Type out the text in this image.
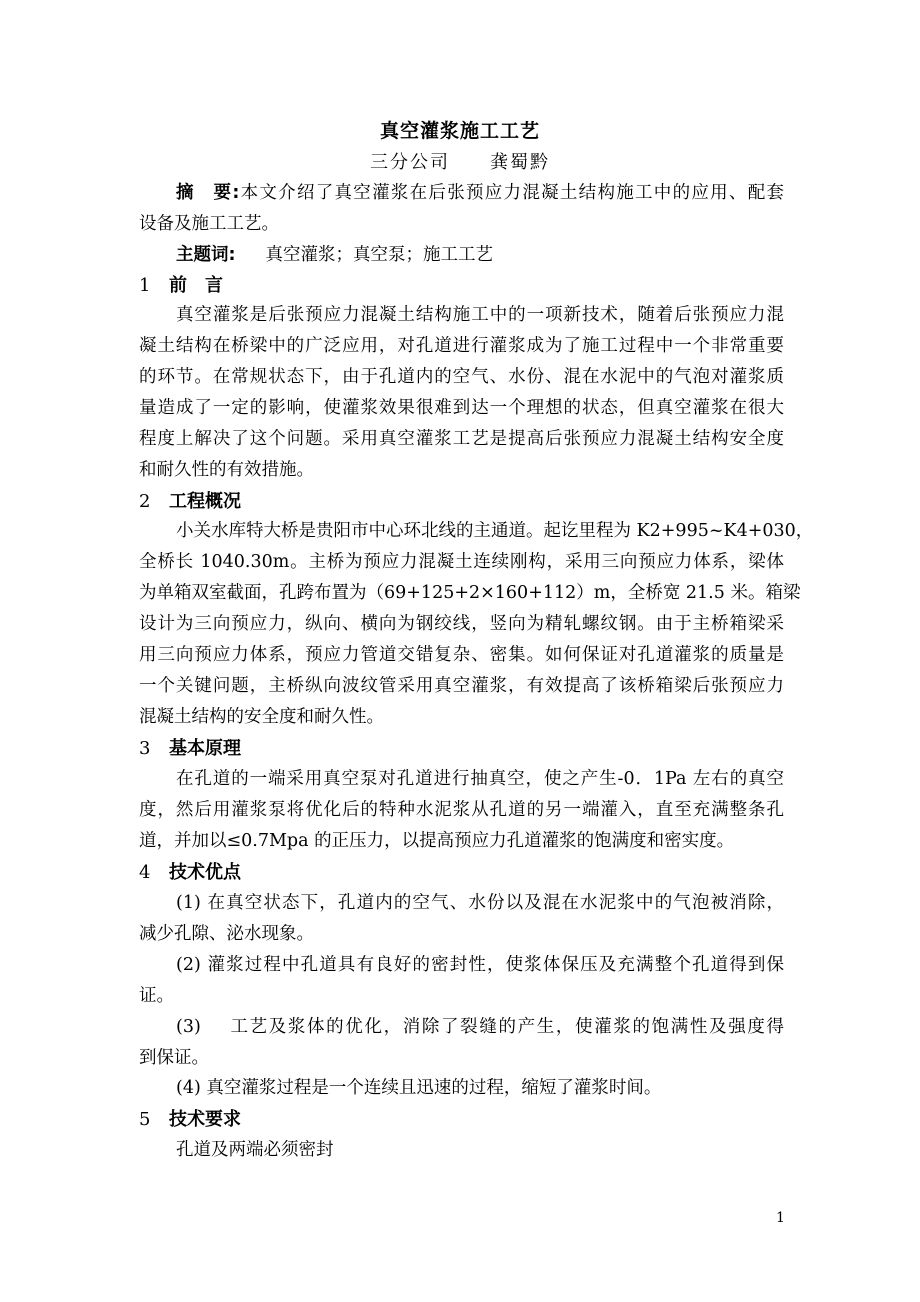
真空灌浆施工工艺
三分公司 龚蜀黔
摘　要:本文介绍了真空灌浆在后张预应力混凝土结构施工中的应用、配套
设备及施工工艺。
主题词: 真空灌浆；真空泵；施工工艺
1 前　言
真空灌浆是后张预应力混凝土结构施工中的一项新技术，随着后张预应力混
凝土结构在桥梁中的广泛应用，对孔道进行灌浆成为了施工过程中一个非常重要
的环节。在常规状态下，由于孔道内的空气、水份、混在水泥中的气泡对灌浆质
量造成了一定的影响，使灌浆效果很难到达一个理想的状态，但真空灌浆在很大
程度上解决了这个问题。采用真空灌浆工艺是提高后张预应力混凝土结构安全度
和耐久性的有效措施。
2 工程概况
小关水库特大桥是贵阳市中心环北线的主通道。起讫里程为 K2+995~K4+030，
全桥长 1040.30m。主桥为预应力混凝土连续刚构，采用三向预应力体系，梁体
为单箱双室截面，孔跨布置为（69+125+2×160+112）m，全桥宽 21.5 米。箱梁
设计为三向预应力，纵向、横向为钢绞线，竖向为精轧螺纹钢。由于主桥箱梁采
用三向预应力体系，预应力管道交错复杂、密集。如何保证对孔道灌浆的质量是
一个关键问题，主桥纵向波纹管采用真空灌浆，有效提高了该桥箱梁后张预应力
混凝土结构的安全度和耐久性。
3 基本原理
在孔道的一端采用真空泵对孔道进行抽真空，使之产生-0．1Pa 左右的真空
度，然后用灌浆泵将优化后的特种水泥浆从孔道的另一端灌入，直至充满整条孔
道，并加以≤0.7Mpa 的正压力，以提高预应力孔道灌浆的饱满度和密实度。
4 技术优点
(1) 在真空状态下，孔道内的空气、水份以及混在水泥浆中的气泡被消除，
减少孔隙、泌水现象。
(2) 灌浆过程中孔道具有良好的密封性，使浆体保压及充满整个孔道得到保
证。
(3) 工艺及浆体的优化，消除了裂缝的产生，使灌浆的饱满性及强度得
到保证。
(4) 真空灌浆过程是一个连续且迅速的过程，缩短了灌浆时间。
5 技术要求
孔道及两端必须密封
1
